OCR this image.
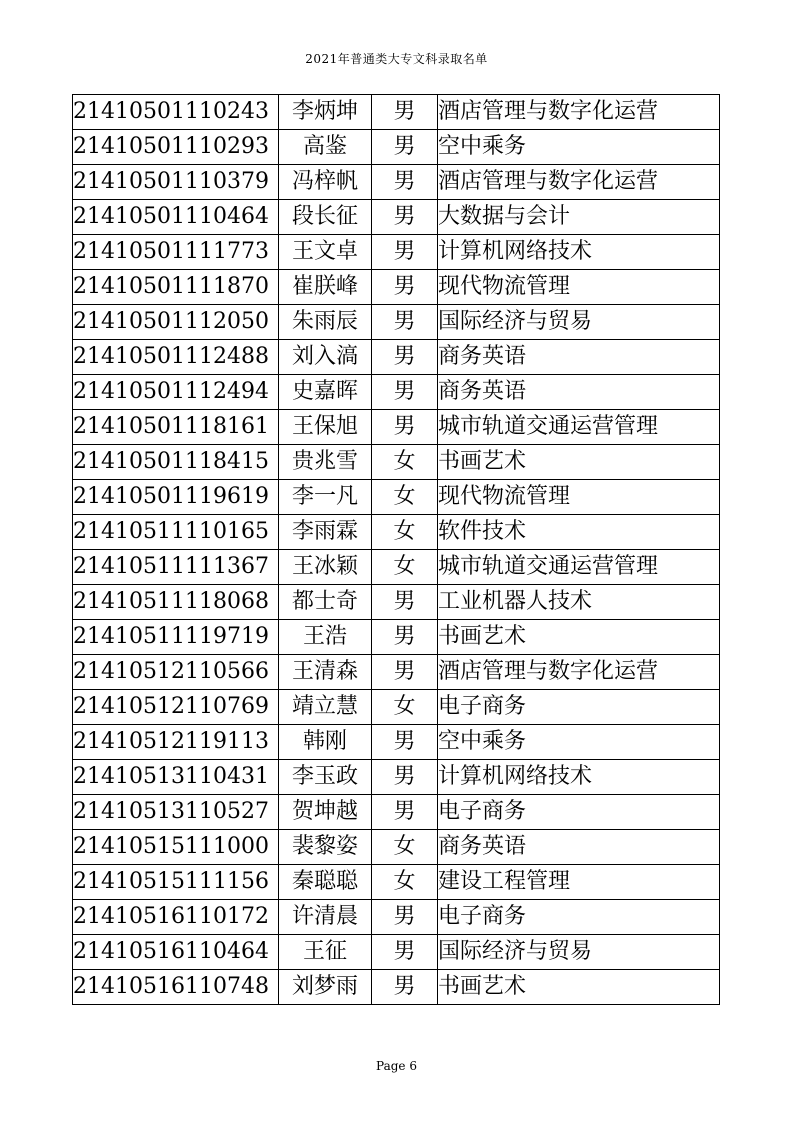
2021年普通类大专文科录取名单
21410501110243	李炳坤	男	酒店管理与数字化运营
21410501110293	高鉴	男	空中乘务
21410501110379	冯梓帆	男	酒店管理与数字化运营
21410501110464	段长征	男	大数据与会计
21410501111773	王文卓	男	计算机网络技术
21410501111870	崔朕峰	男	现代物流管理
21410501112050	朱雨辰	男	国际经济与贸易
21410501112488	刘入滈	男	商务英语
21410501112494	史嘉晖	男	商务英语
21410501118161	王保旭	男	城市轨道交通运营管理
21410501118415	贵兆雪	女	书画艺术
21410501119619	李一凡	女	现代物流管理
21410511110165	李雨霖	女	软件技术
21410511111367	王冰颖	女	城市轨道交通运营管理
21410511118068	都士奇	男	工业机器人技术
21410511119719	王浩	男	书画艺术
21410512110566	王清森	男	酒店管理与数字化运营
21410512110769	靖立慧	女	电子商务
21410512119113	韩刚	男	空中乘务
21410513110431	李玉政	男	计算机网络技术
21410513110527	贺坤越	男	电子商务
21410515111000	裴黎姿	女	商务英语
21410515111156	秦聪聪	女	建设工程管理
21410516110172	许清晨	男	电子商务
21410516110464	王征	男	国际经济与贸易
21410516110748	刘梦雨	男	书画艺术
Page 6
